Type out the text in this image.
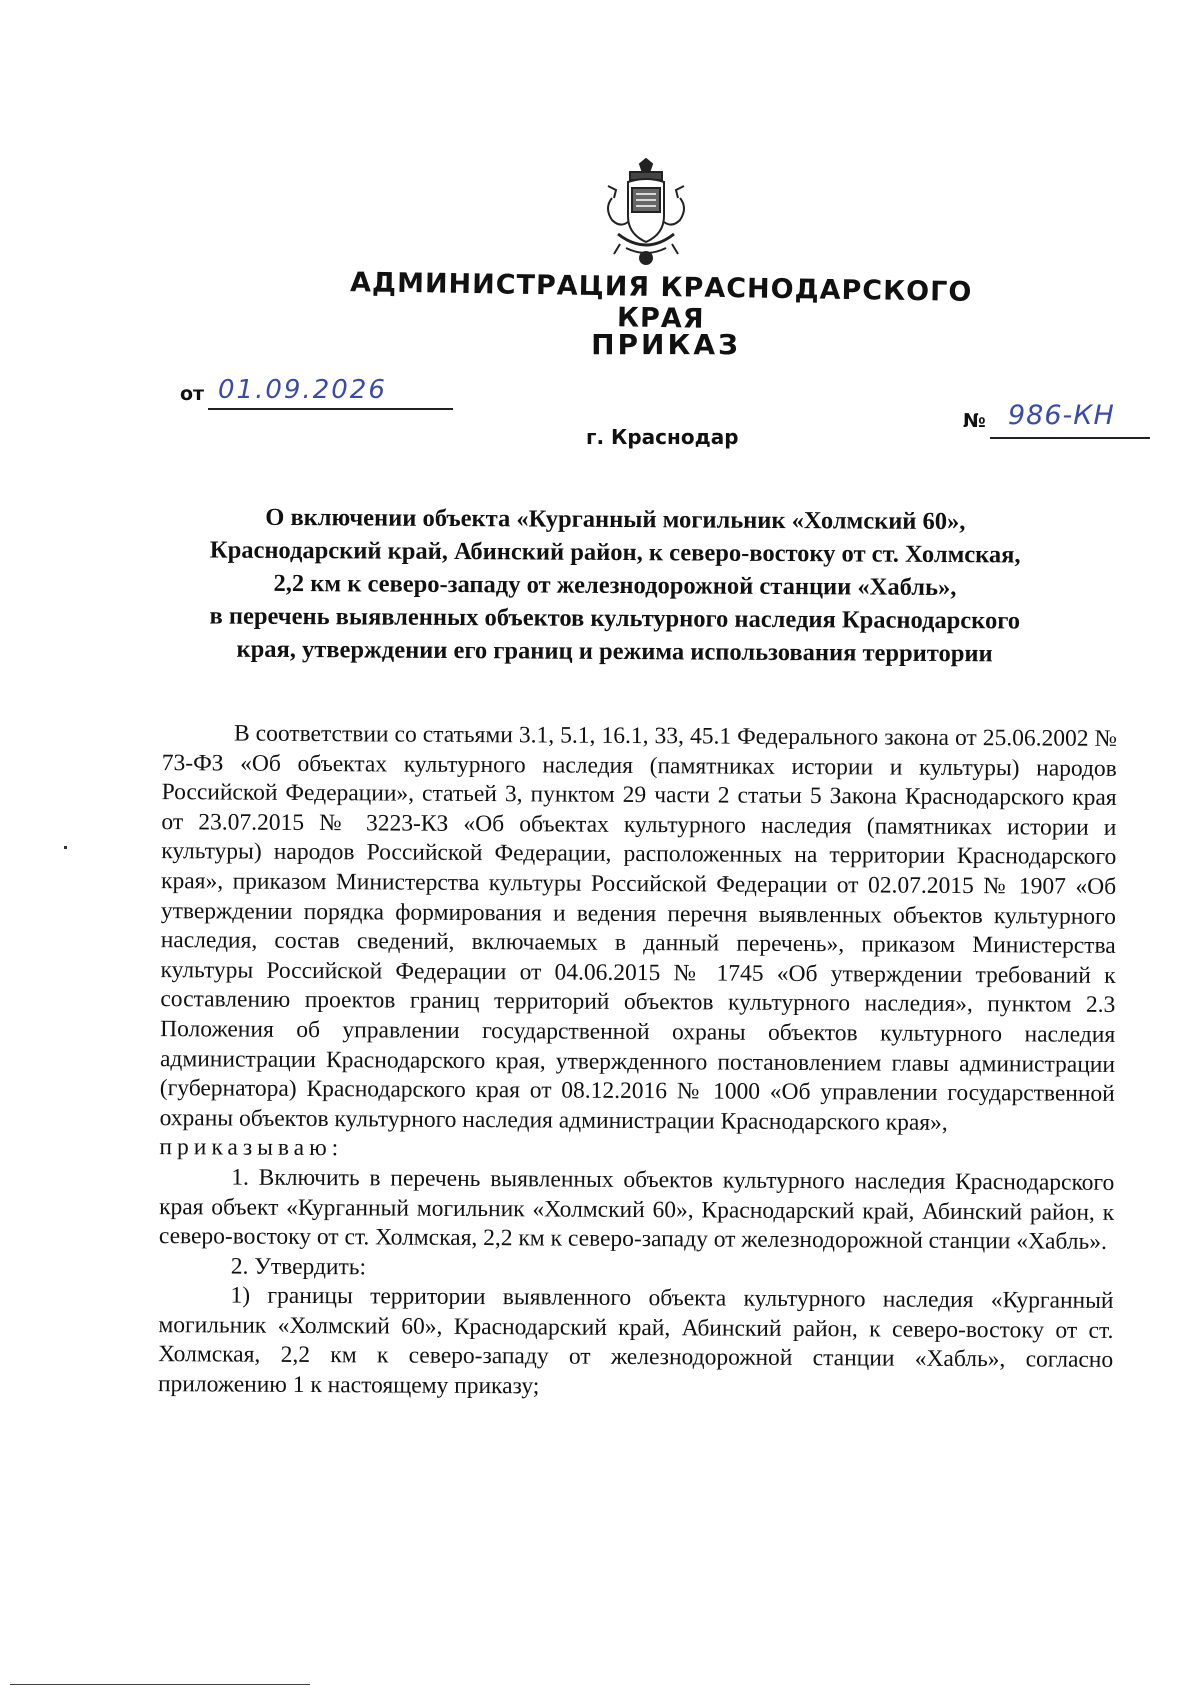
АДМИНИСТРАЦИЯ КРАСНОДАРСКОГО КРАЯ
ПРИКАЗ
от 01.09.2026
г. Краснодар
№ 986-КН
О включении объекта «Курганный могильник «Холмский 60»,
Краснодарский край, Абинский район, к северо-востоку от ст. Холмская,
2,2 км к северо-западу от железнодорожной станции «Хабль»,
в перечень выявленных объектов культурного наследия Краснодарского
края, утверждении его границ и режима использования территории

В соответствии со статьями 3.1, 5.1, 16.1, 33, 45.1 Федерального закона от 25.06.2002 № 73-ФЗ «Об объектах культурного наследия (памятниках истории и культуры) народов Российской Федерации», статьей 3, пунктом 29 части 2 статьи 5 Закона Краснодарского края от 23.07.2015 № 3223-КЗ «Об объектах культурного наследия (памятниках истории и культуры) народов Российской Федерации, расположенных на территории Краснодарского края», приказом Министерства культуры Российской Федерации от 02.07.2015 № 1907 «Об утверждении порядка формирования и ведения перечня выявленных объектов культурного наследия, состав сведений, включаемых в данный перечень», приказом Министерства культуры Российской Федерации от 04.06.2015 № 1745 «Об утверждении требований к составлению проектов границ территорий объектов культурного наследия», пунктом 2.3 Положения об управлении государственной охраны объектов культурного наследия администрации Краснодарского края, утвержденного постановлением главы администрации (губернатора) Краснодарского края от 08.12.2016 № 1000 «Об управлении государственной охраны объектов культурного наследия администрации Краснодарского края»,

приказываю:

1. Включить в перечень выявленных объектов культурного наследия Краснодарского края объект «Курганный могильник «Холмский 60», Краснодарский край, Абинский район, к северо-востоку от ст. Холмская, 2,2 км к северо-западу от железнодорожной станции «Хабль».

2. Утвердить:

1) границы территории выявленного объекта культурного наследия «Курганный могильник «Холмский 60», Краснодарский край, Абинский район, к северо-востоку от ст. Холмская, 2,2 км к северо-западу от железнодорожной станции «Хабль», согласно приложению 1 к настоящему приказу;
